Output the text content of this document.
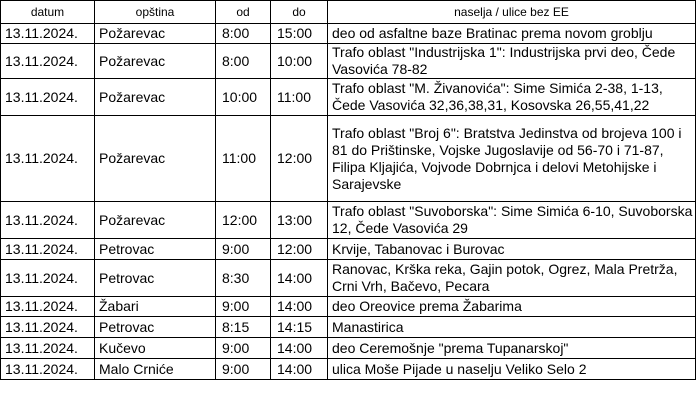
datum	opština	od	do	naselja / ulice bez EE
13.11.2024.	Požarevac	8:00	15:00	deo od asfaltne baze Bratinac prema novom groblju
13.11.2024.	Požarevac	8:00	10:00	Trafo oblast "Industrijska 1": Industrijska prvi deo, Čede Vasovića 78-82
13.11.2024.	Požarevac	10:00	11:00	Trafo oblast "M. Živanovića": Sime Simića 2-38, 1-13, Čede Vasovića 32,36,38,31, Kosovska 26,55,41,22
13.11.2024.	Požarevac	11:00	12:00	Trafo oblast "Broj 6": Bratstva Jedinstva od brojeva 100 i 81 do Prištinske, Vojske Jugoslavije od 56-70 i 71-87, Filipa Kljajića, Vojvode Dobrnjca i delovi Metohijske i Sarajevske
13.11.2024.	Požarevac	12:00	13:00	Trafo oblast "Suvoborska": Sime Simića 6-10, Suvoborska 12, Čede Vasovića 29
13.11.2024.	Petrovac	9:00	12:00	Krvije, Tabanovac i Burovac
13.11.2024.	Petrovac	8:30	14:00	Ranovac, Krška reka, Gajin potok, Ogrez, Mala Pretrža, Crni Vrh, Bačevo, Pecara
13.11.2024.	Žabari	9:00	14:00	deo Oreovice prema Žabarima
13.11.2024.	Petrovac	8:15	14:15	Manastirica
13.11.2024.	Kučevo	9:00	14:00	deo Ceremošnje "prema Tupanarskoj"
13.11.2024.	Malo Crniće	9:00	14:00	ulica Moše Pijade u naselju Veliko Selo 2
